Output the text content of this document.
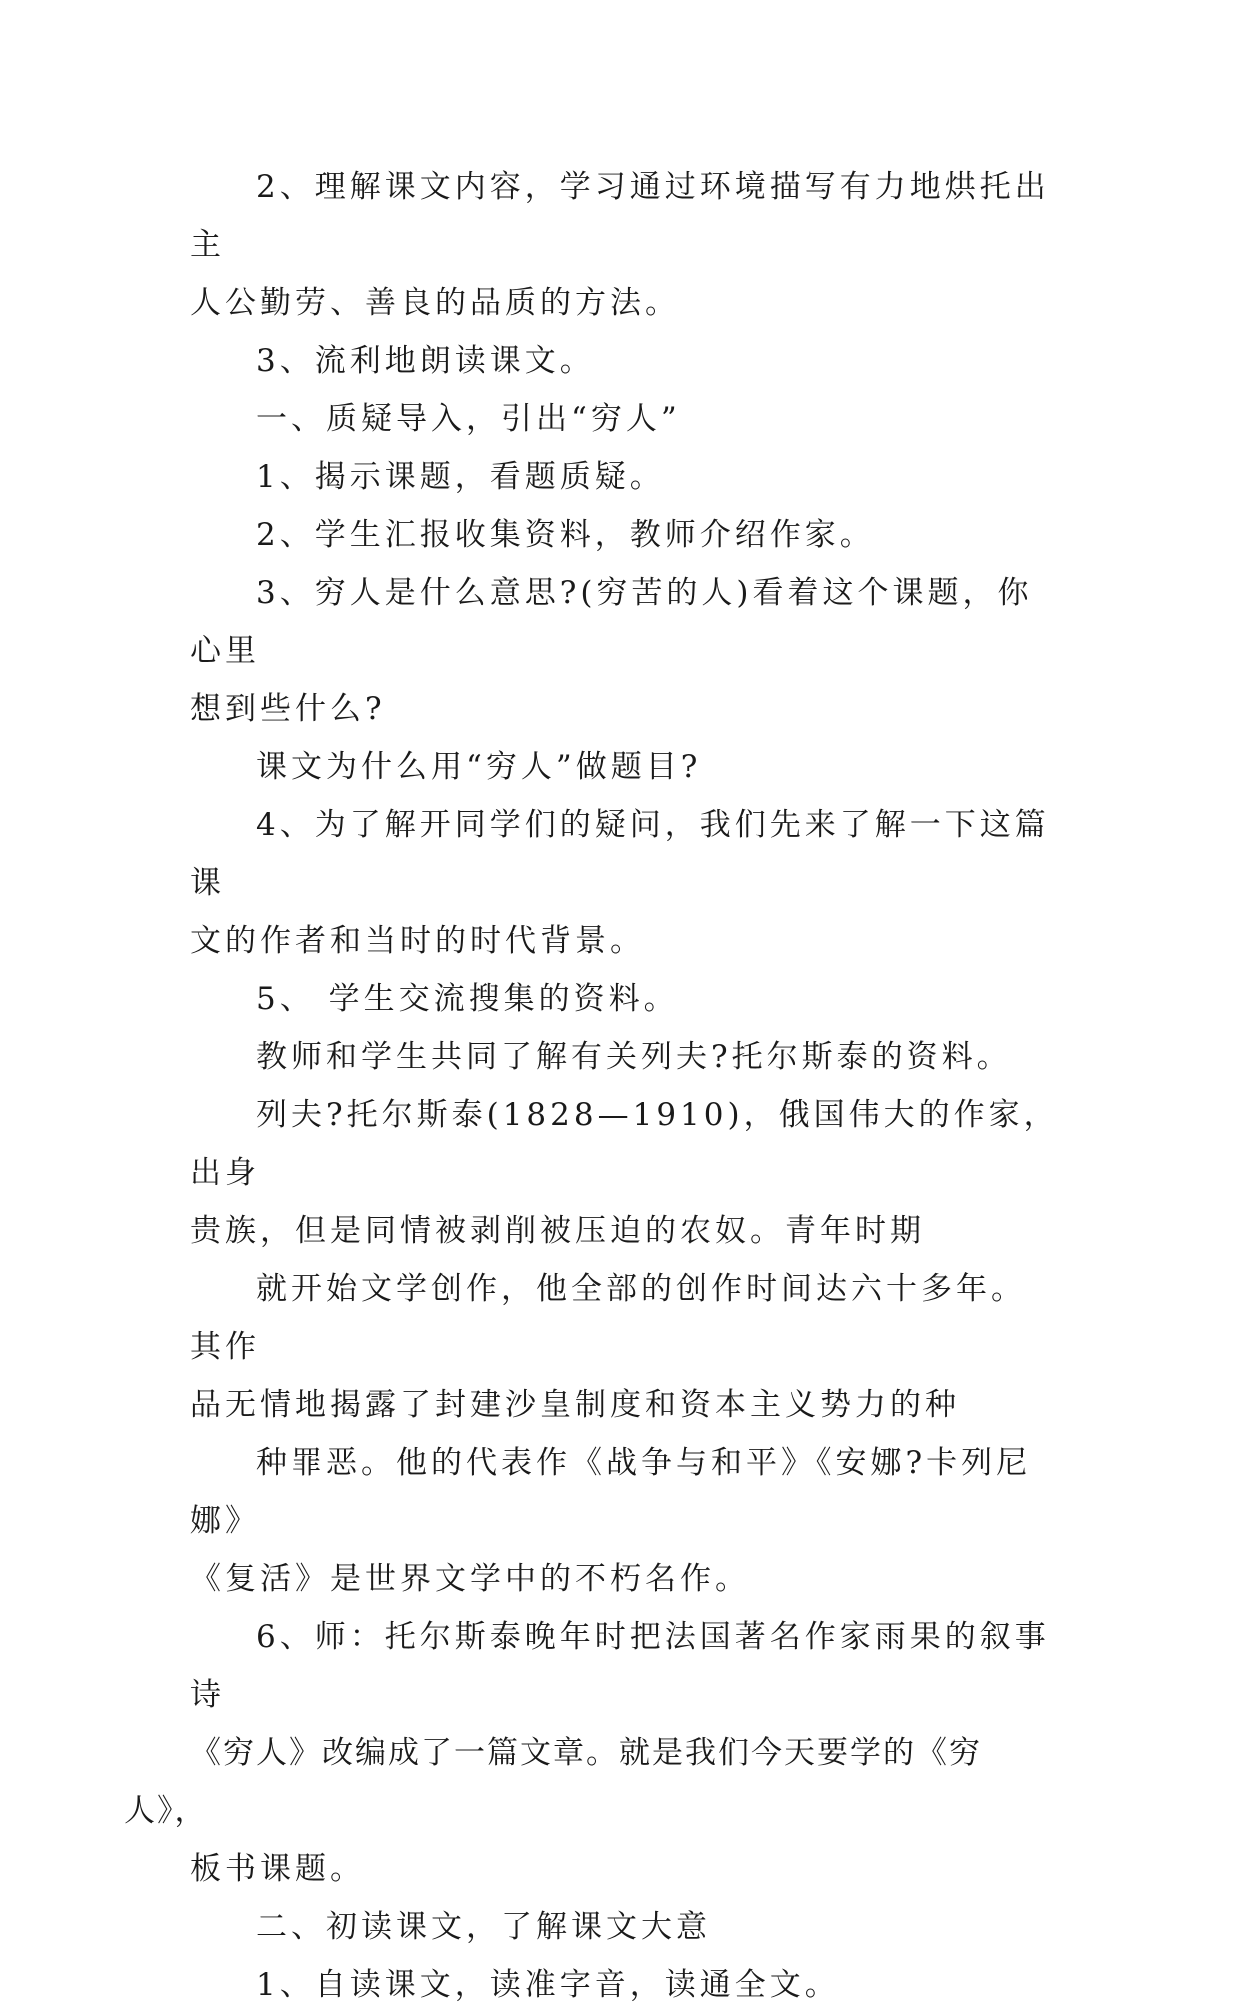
2、理解课文内容，学习通过环境描写有力地烘托出主
人公勤劳、善良的品质的方法。
3、流利地朗读课文。
一、质疑导入，引出“穷人”
1、揭示课题，看题质疑。
2、学生汇报收集资料，教师介绍作家。
3、穷人是什么意思?(穷苦的人)看着这个课题，你心里
想到些什么?
课文为什么用“穷人”做题目?
4、为了解开同学们的疑问，我们先来了解一下这篇课
文的作者和当时的时代背景。
5、 学生交流搜集的资料。
教师和学生共同了解有关列夫?托尔斯泰的资料。
列夫?托尔斯泰(1828—1910)，俄国伟大的作家，出身
贵族，但是同情被剥削被压迫的农奴。青年时期
就开始文学创作，他全部的创作时间达六十多年。其作
品无情地揭露了封建沙皇制度和资本主义势力的种
种罪恶。他的代表作《战争与和平》《安娜?卡列尼娜》
《复活》是世界文学中的不朽名作。
6、师：托尔斯泰晚年时把法国著名作家雨果的叙事诗
《穷人》改编成了一篇文章。就是我们今天要学的《穷人》，
板书课题。
二、初读课文，了解课文大意
1、自读课文，读准字音，读通全文。
